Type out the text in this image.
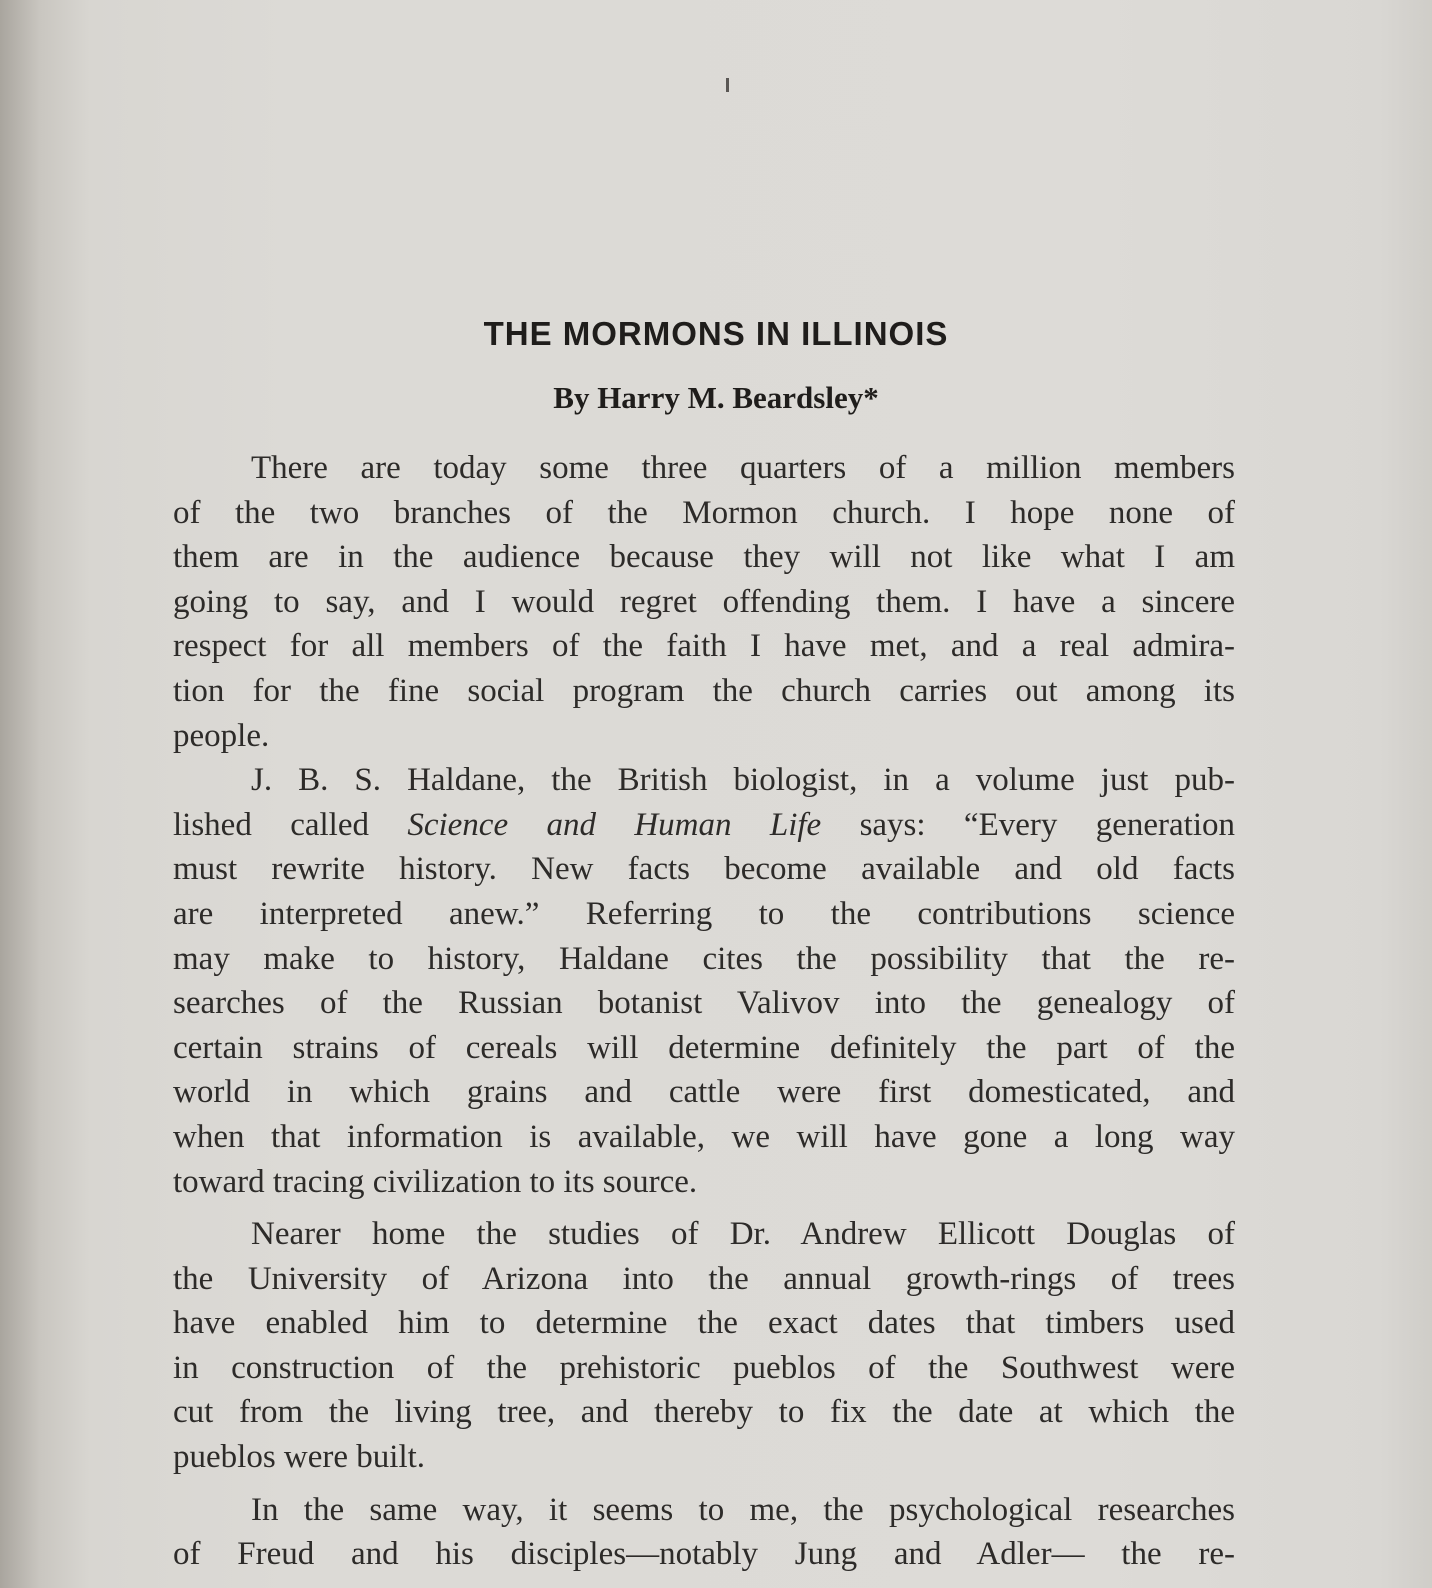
THE MORMONS IN ILLINOIS
By Harry M. Beardsley*
There are today some three quarters of a million members
of the two branches of the Mormon church. I hope none of
them are in the audience because they will not like what I am
going to say, and I would regret offending them. I have a sincere
respect for all members of the faith I have met, and a real admira-
tion for the fine social program the church carries out among its
people.
J. B. S. Haldane, the British biologist, in a volume just pub-
lished called Science and Human Life says: “Every generation
must rewrite history. New facts become available and old facts
are interpreted anew.” Referring to the contributions science
may make to history, Haldane cites the possibility that the re-
searches of the Russian botanist Valivov into the genealogy of
certain strains of cereals will determine definitely the part of the
world in which grains and cattle were first domesticated, and
when that information is available, we will have gone a long way
toward tracing civilization to its source.
Nearer home the studies of Dr. Andrew Ellicott Douglas of
the University of Arizona into the annual growth-rings of trees
have enabled him to determine the exact dates that timbers used
in construction of the prehistoric pueblos of the Southwest were
cut from the living tree, and thereby to fix the date at which the
pueblos were built.
In the same way, it seems to me, the psychological researches
of Freud and his disciples—notably Jung and Adler— the re-
